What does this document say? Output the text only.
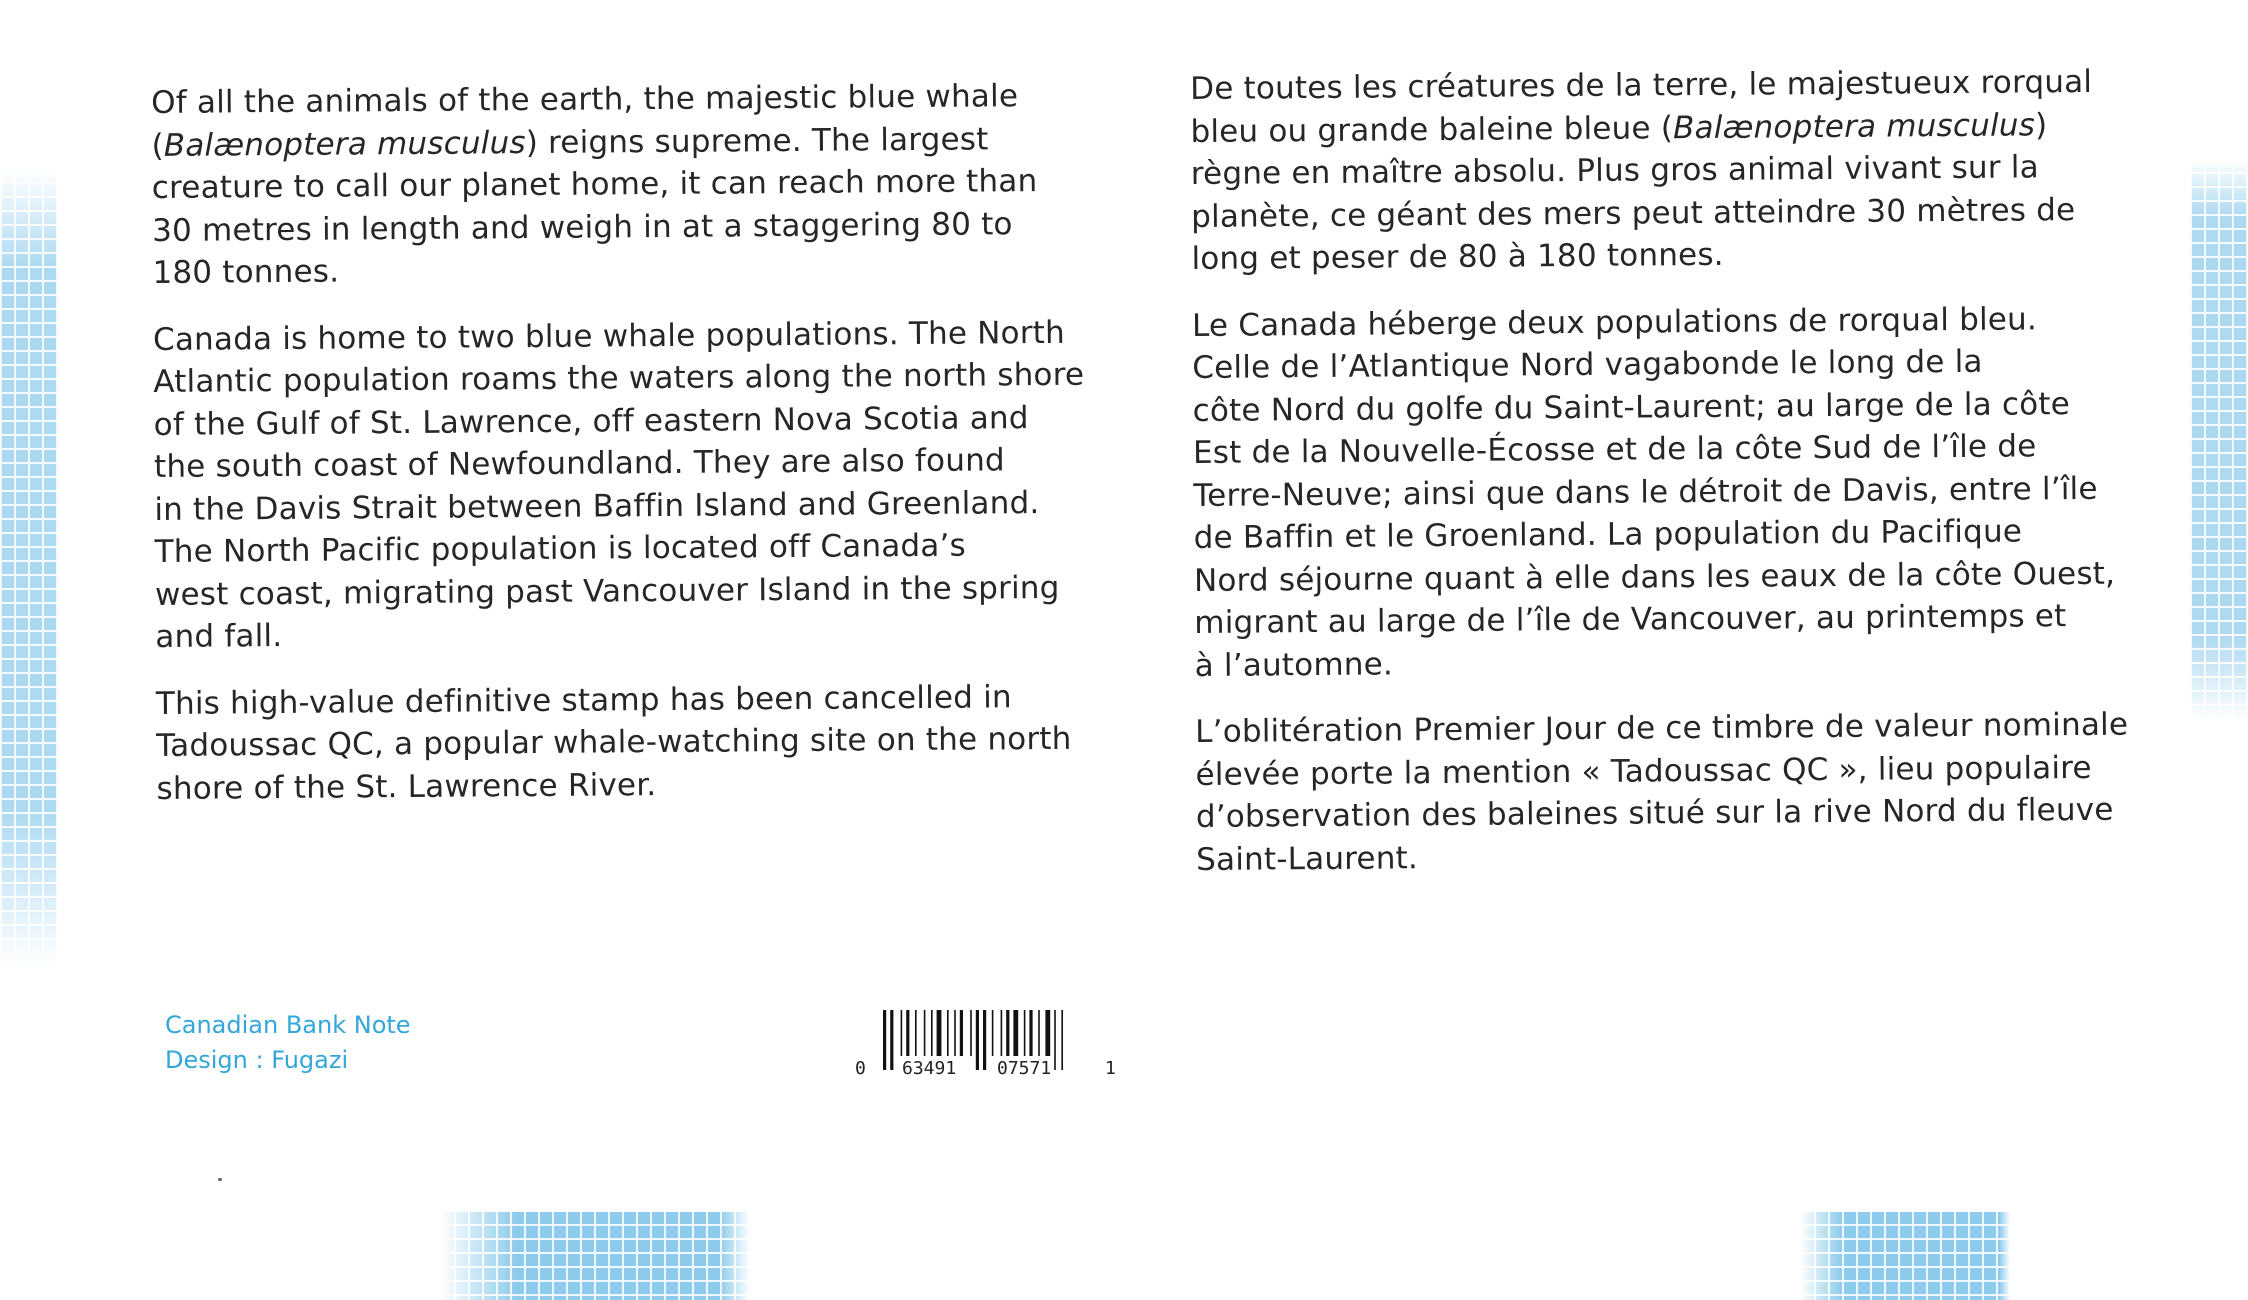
Of all the animals of the earth, the majestic blue whale
(Balænoptera musculus) reigns supreme. The largest
creature to call our planet home, it can reach more than
30 metres in length and weigh in at a staggering 80 to
180 tonnes.

Canada is home to two blue whale populations. The North
Atlantic population roams the waters along the north shore
of the Gulf of St. Lawrence, off eastern Nova Scotia and
the south coast of Newfoundland. They are also found
in the Davis Strait between Baffin Island and Greenland.
The North Pacific population is located off Canada’s
west coast, migrating past Vancouver Island in the spring
and fall.

This high-value definitive stamp has been cancelled in
Tadoussac QC, a popular whale-watching site on the north
shore of the St. Lawrence River.

De toutes les créatures de la terre, le majestueux rorqual
bleu ou grande baleine bleue (Balænoptera musculus)
règne en maître absolu. Plus gros animal vivant sur la
planète, ce géant des mers peut atteindre 30 mètres de
long et peser de 80 à 180 tonnes.

Le Canada héberge deux populations de rorqual bleu.
Celle de l’Atlantique Nord vagabonde le long de la
côte Nord du golfe du Saint-Laurent; au large de la côte
Est de la Nouvelle-Écosse et de la côte Sud de l’île de
Terre-Neuve; ainsi que dans le détroit de Davis, entre l’île
de Baffin et le Groenland. La population du Pacifique
Nord séjourne quant à elle dans les eaux de la côte Ouest,
migrant au large de l’île de Vancouver, au printemps et
à l’automne.

L’oblitération Premier Jour de ce timbre de valeur nominale
élevée porte la mention « Tadoussac QC », lieu populaire
d’observation des baleines situé sur la rive Nord du fleuve
Saint-Laurent.

Canadian Bank Note
Design : Fugazi	0 63491 07571	1
